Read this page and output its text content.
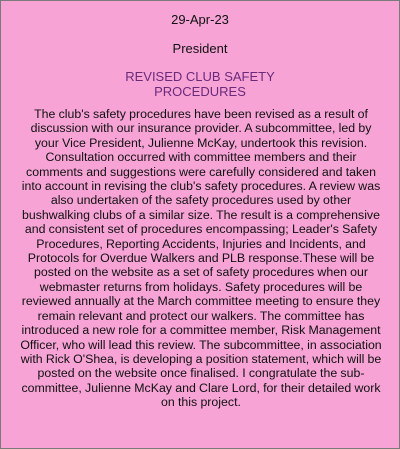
29-Apr-23
President
REVISED CLUB SAFETY
PROCEDURES

The club's safety procedures have been revised as a result of discussion with our insurance provider. A subcommittee, led by your Vice President, Julienne McKay, undertook this revision. Consultation occurred with committee members and their comments and suggestions were carefully considered and taken into account in revising the club's safety procedures. A review was also undertaken of the safety procedures used by other bushwalking clubs of a similar size. The result is a comprehensive and consistent set of procedures encompassing; Leader's Safety Procedures, Reporting Accidents, Injuries and Incidents, and Protocols for Overdue Walkers and PLB response.These will be posted on the website as a set of safety procedures when our webmaster returns from holidays. Safety procedures will be reviewed annually at the March committee meeting to ensure they remain relevant and protect our walkers. The committee has introduced a new role for a committee member, Risk Management Officer, who will lead this review. The subcommittee, in association with Rick O'Shea, is developing a position statement, which will be posted on the website once finalised. I congratulate the sub-committee, Julienne McKay and Clare Lord, for their detailed work on this project.
